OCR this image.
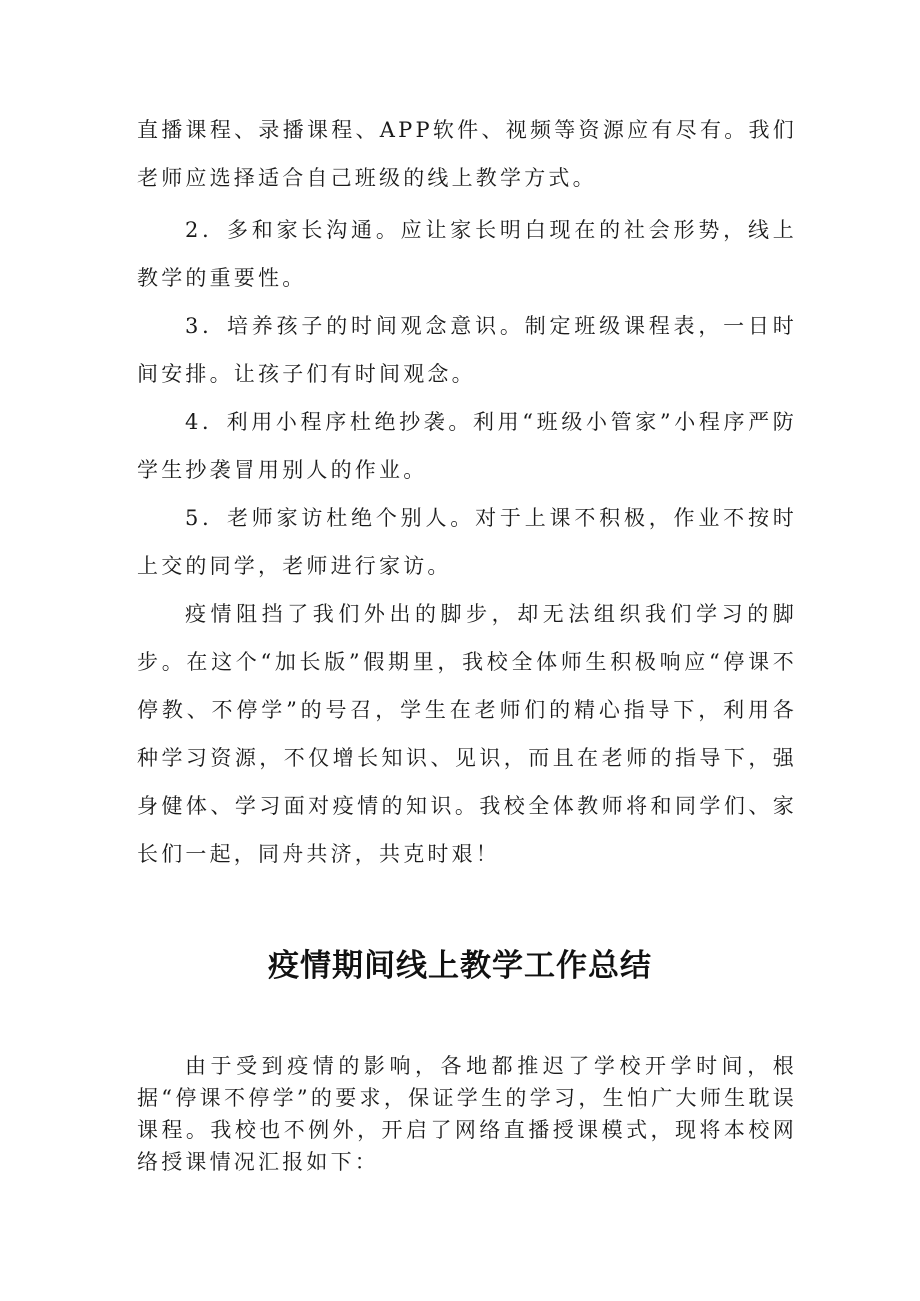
直播课程、录播课程、APP软件、视频等资源应有尽有。我们老师应选择适合自己班级的线上教学方式。

2．多和家长沟通。应让家长明白现在的社会形势，线上教学的重要性。

3．培养孩子的时间观念意识。制定班级课程表，一日时间安排。让孩子们有时间观念。

4．利用小程序杜绝抄袭。利用“班级小管家”小程序严防学生抄袭冒用别人的作业。

5．老师家访杜绝个别人。对于上课不积极，作业不按时上交的同学，老师进行家访。

疫情阻挡了我们外出的脚步，却无法组织我们学习的脚步。在这个“加长版”假期里，我校全体师生积极响应“停课不停教、不停学”的号召，学生在老师们的精心指导下，利用各种学习资源，不仅增长知识、见识，而且在老师的指导下，强身健体、学习面对疫情的知识。我校全体教师将和同学们、家长们一起，同舟共济，共克时艰！

疫情期间线上教学工作总结

由于受到疫情的影响，各地都推迟了学校开学时间，根据“停课不停学”的要求，保证学生的学习，生怕广大师生耽误课程。我校也不例外，开启了网络直播授课模式，现将本校网络授课情况汇报如下：
